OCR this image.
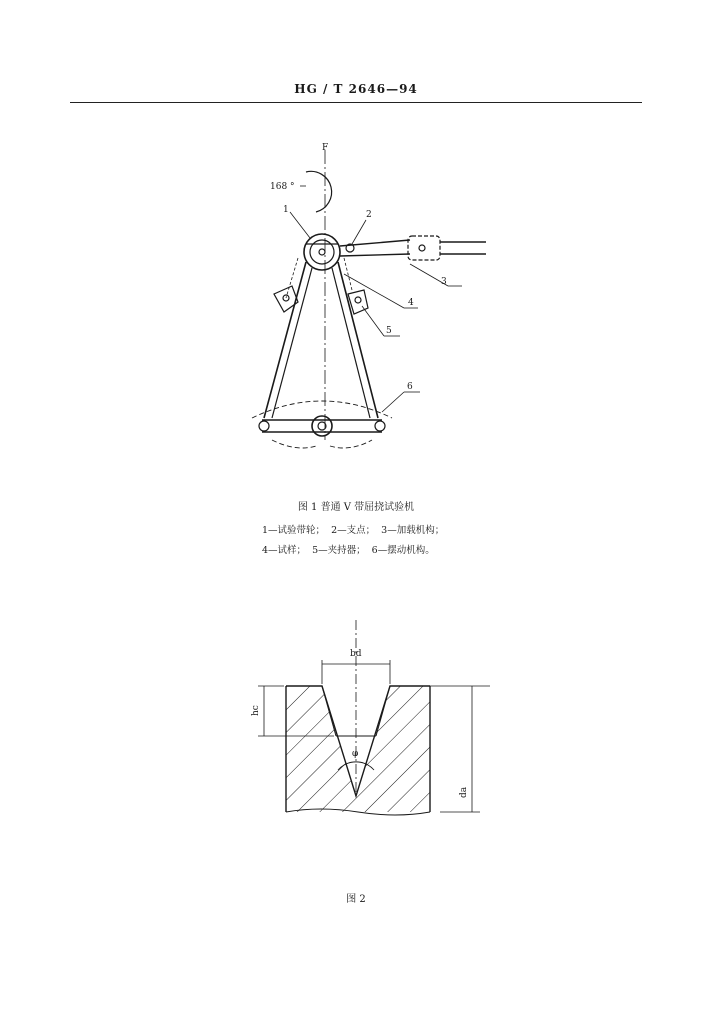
HG / T 2646—94
F
168 °
1	2
3
4
5
6
图 1 普通 V 带屈挠试验机
1—试验带轮；  2—支点；  3—加载机构；
4—试样；  5—夹持器；  6—摆动机构。
bd
hc
da
φ
图 2
